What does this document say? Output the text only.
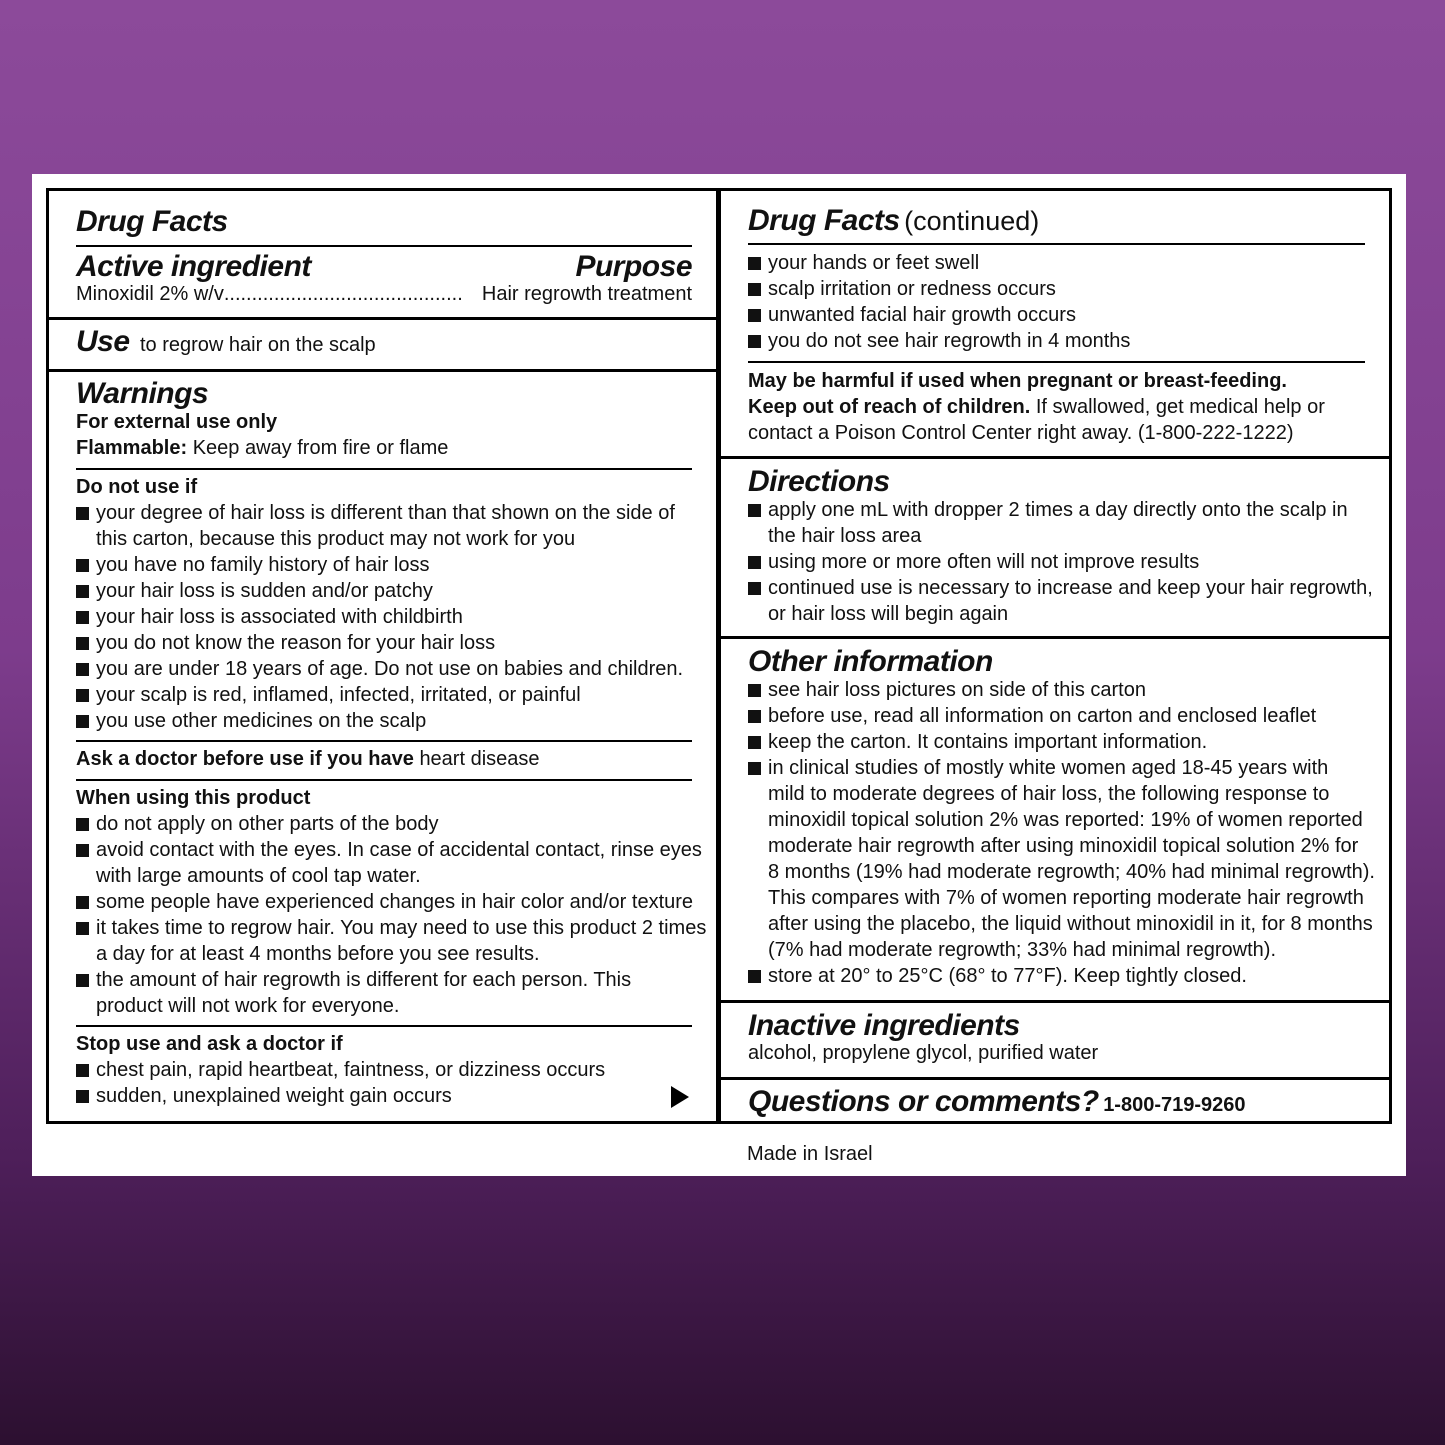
Drug Facts
Active ingredient	Purpose
Minoxidil 2% w/v ........................................... Hair regrowth treatment
Use to regrow hair on the scalp
Warnings
For external use only
Flammable: Keep away from fire or flame
Do not use if
your degree of hair loss is different than that shown on the side of
this carton, because this product may not work for you
you have no family history of hair loss
your hair loss is sudden and/or patchy
your hair loss is associated with childbirth
you do not know the reason for your hair loss
you are under 18 years of age. Do not use on babies and children.
your scalp is red, inflamed, infected, irritated, or painful
you use other medicines on the scalp
Ask a doctor before use if you have heart disease
When using this product
do not apply on other parts of the body
avoid contact with the eyes. In case of accidental contact, rinse eyes
with large amounts of cool tap water.
some people have experienced changes in hair color and/or texture
it takes time to regrow hair. You may need to use this product 2 times
a day for at least 4 months before you see results.
the amount of hair regrowth is different for each person. This
product will not work for everyone.
Stop use and ask a doctor if
chest pain, rapid heartbeat, faintness, or dizziness occurs
sudden, unexplained weight gain occurs
Drug Facts (continued)
your hands or feet swell
scalp irritation or redness occurs
unwanted facial hair growth occurs
you do not see hair regrowth in 4 months
May be harmful if used when pregnant or breast-feeding.
Keep out of reach of children. If swallowed, get medical help or
contact a Poison Control Center right away. (1-800-222-1222)
Directions
apply one mL with dropper 2 times a day directly onto the scalp in
the hair loss area
using more or more often will not improve results
continued use is necessary to increase and keep your hair regrowth,
or hair loss will begin again
Other information
see hair loss pictures on side of this carton
before use, read all information on carton and enclosed leaflet
keep the carton. It contains important information.
in clinical studies of mostly white women aged 18-45 years with
mild to moderate degrees of hair loss, the following response to
minoxidil topical solution 2% was reported: 19% of women reported
moderate hair regrowth after using minoxidil topical solution 2% for
8 months (19% had moderate regrowth; 40% had minimal regrowth).
This compares with 7% of women reporting moderate hair regrowth
after using the placebo, the liquid without minoxidil in it, for 8 months
(7% had moderate regrowth; 33% had minimal regrowth).
store at 20° to 25°C (68° to 77°F). Keep tightly closed.
Inactive ingredients
alcohol, propylene glycol, purified water
Questions or comments? 1-800-719-9260
Made in Israel
